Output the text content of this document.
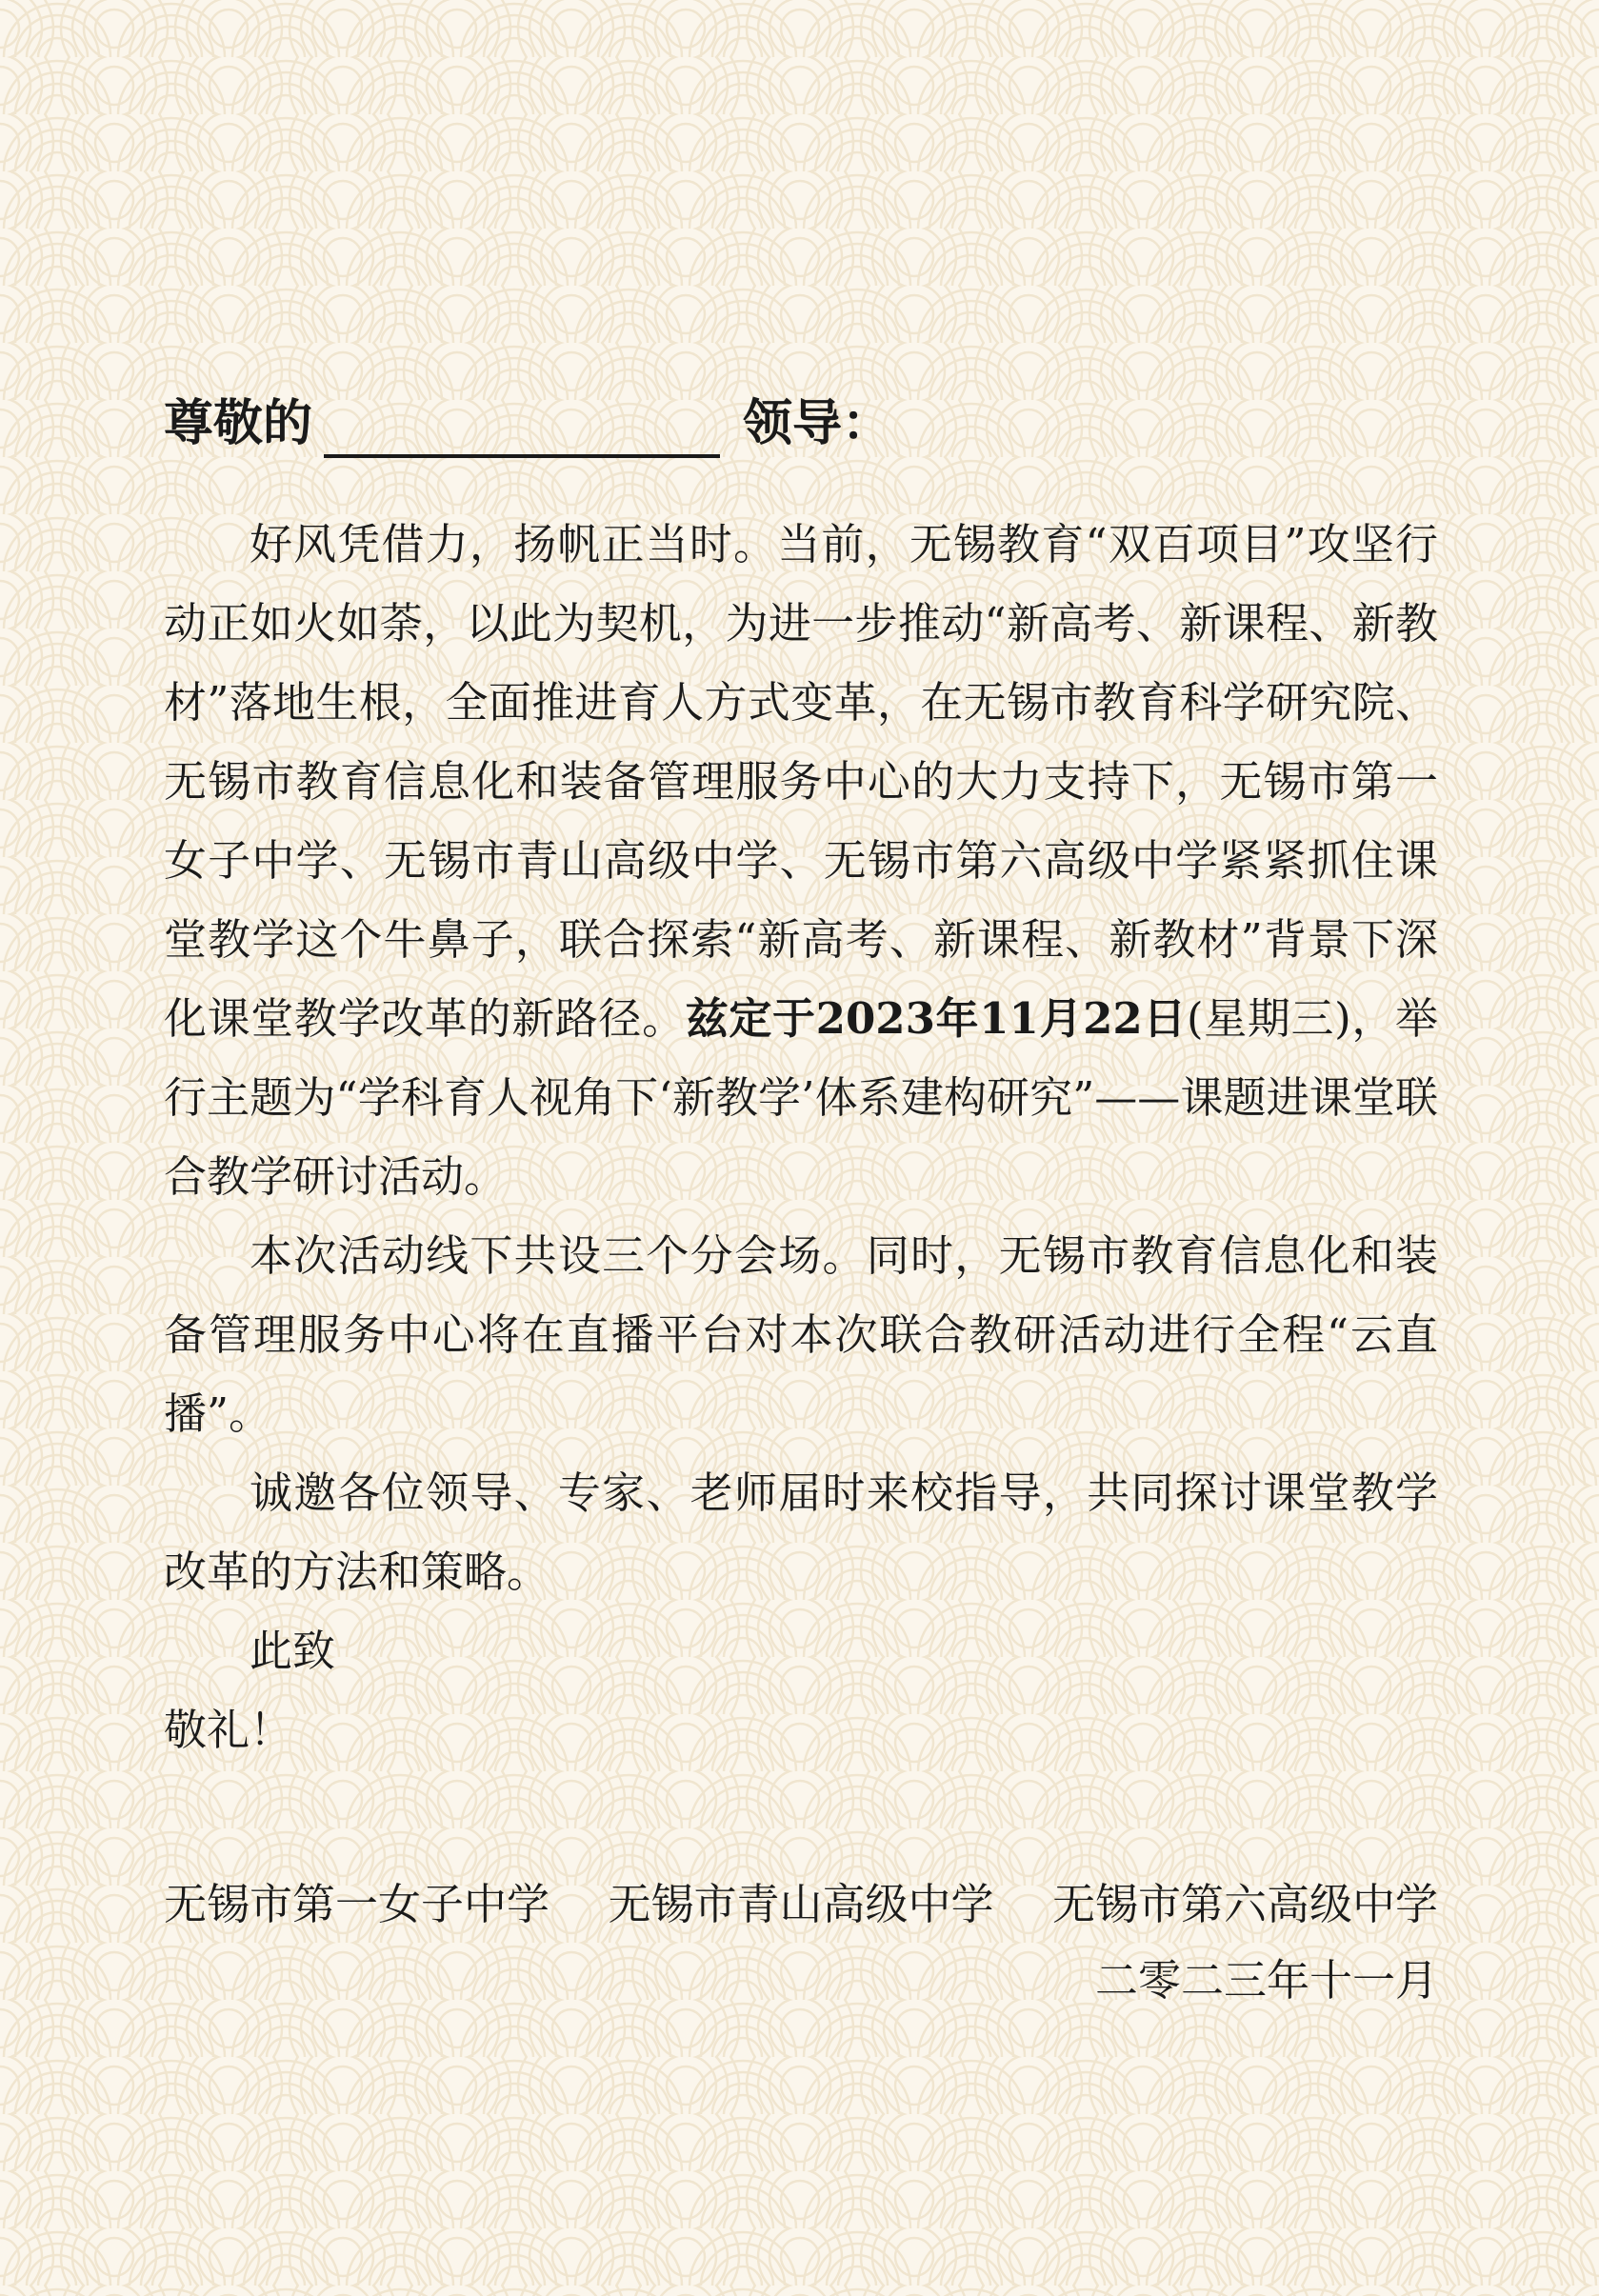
尊敬的	领导：

好风凭借力，扬帆正当时。当前，无锡教育“双百项目”攻坚行动正如火如荼，以此为契机，为进一步推动“新高考、新课程、新教材”落地生根，全面推进育人方式变革，在无锡市教育科学研究院、无锡市教育信息化和装备管理服务中心的大力支持下，无锡市第一女子中学、无锡市青山高级中学、无锡市第六高级中学紧紧抓住课堂教学这个牛鼻子，联合探索“新高考、新课程、新教材”背景下深化课堂教学改革的新路径。兹定于2023年11月22日(星期三)，举行主题为“学科育人视角下‘新教学’体系建构研究”——课题进课堂联合教学研讨活动。

本次活动线下共设三个分会场。同时，无锡市教育信息化和装备管理服务中心将在直播平台对本次联合教研活动进行全程“云直播”。

诚邀各位领导、专家、老师届时来校指导，共同探讨课堂教学改革的方法和策略。

此致

敬礼！

无锡市第一女子中学 无锡市青山高级中学 无锡市第六高级中学
二零二三年十一月
